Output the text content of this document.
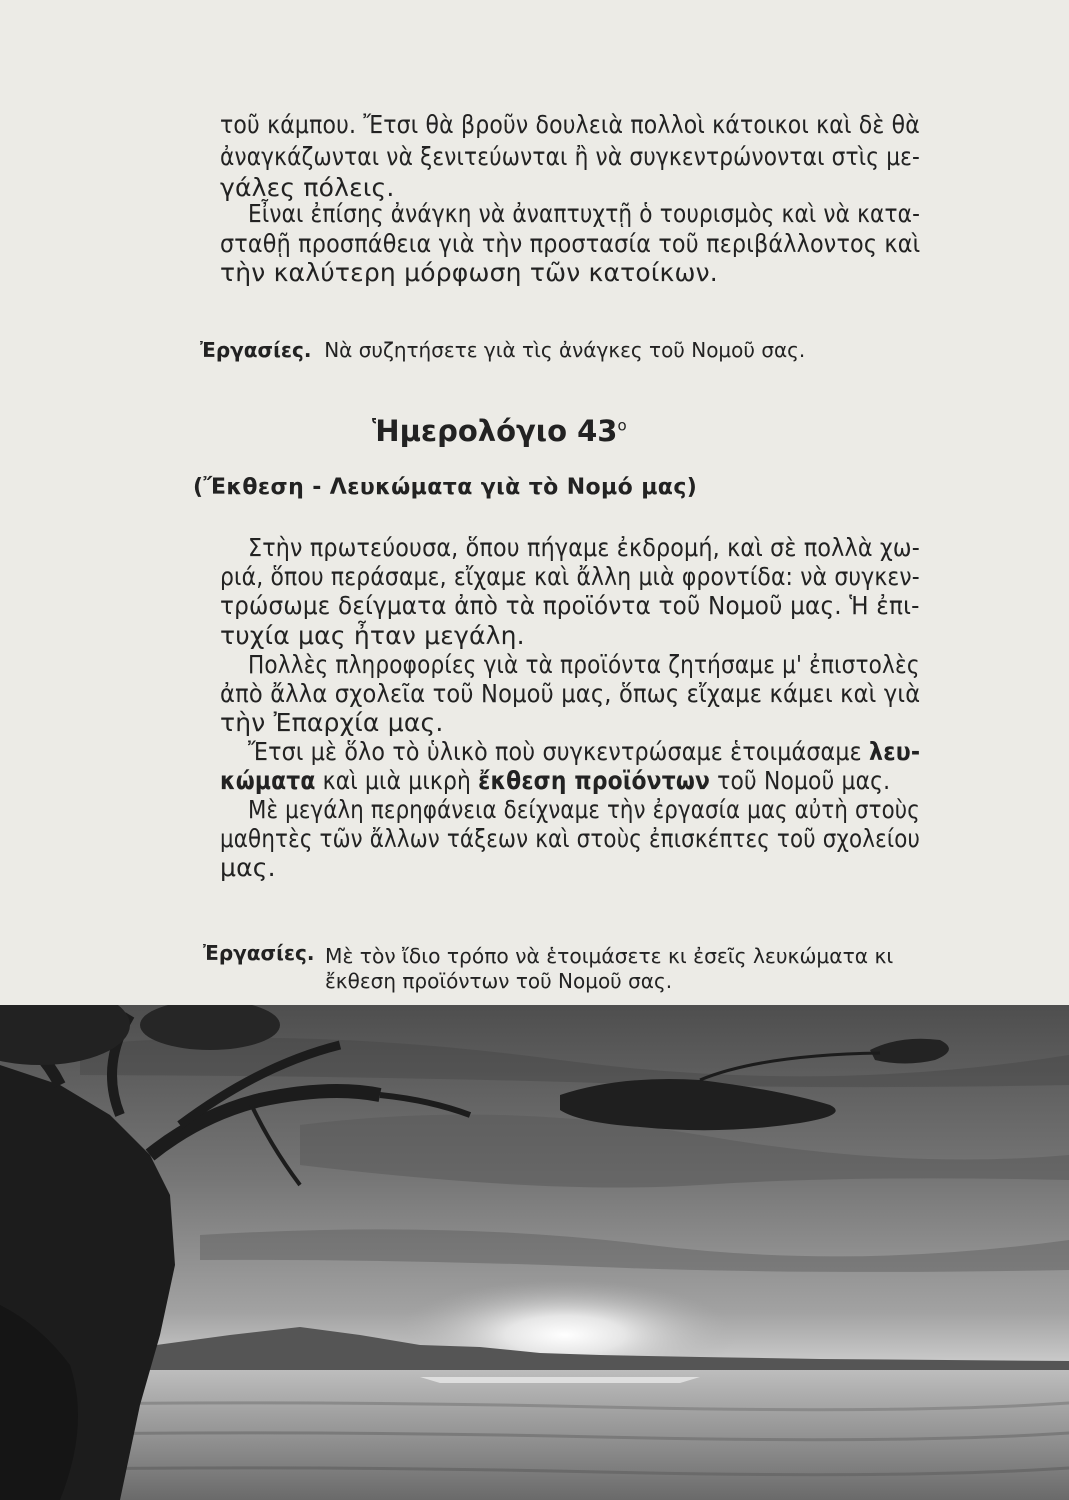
τοῦ κάμπου. Ἔτσι θὰ βροῦν δουλειὰ πολλοὶ κάτοικοι καὶ δὲ θὰ
ἀναγκάζωνται νὰ ξενιτεύωνται ἢ νὰ συγκεντρώνονται στὶς με-
γάλες πόλεις.
Εἶναι ἐπίσης ἀνάγκη νὰ ἀναπτυχτῇ ὁ τουρισμὸς καὶ νὰ κατα-
σταθῇ προσπάθεια γιὰ τὴν προστασία τοῦ περιβάλλοντος καὶ
τὴν καλύτερη μόρφωση τῶν κατοίκων.
Ἐργασίες. Νὰ συζητήσετε γιὰ τὶς ἀνάγκες τοῦ Νομοῦ σας.
Ἡμερολόγιο $43^o$
(Ἔκθεση - Λευκώματα γιὰ τὸ Νομό μας)
Στὴν πρωτεύουσα, ὅπου πήγαμε ἐκδρομή, καὶ σὲ πολλὰ χω-
ριά, ὅπου περάσαμε, εἴχαμε καὶ ἄλλη μιὰ φροντίδα: νὰ συγκεν-
τρώσωμε δείγματα ἀπὸ τὰ προϊόντα τοῦ Νομοῦ μας. Ἡ ἐπι-
τυχία μας ἦταν μεγάλη.
Πολλὲς πληροφορίες γιὰ τὰ προϊόντα ζητήσαμε μ' ἐπιστολὲς
ἀπὸ ἄλλα σχολεῖα τοῦ Νομοῦ μας, ὅπως εἴχαμε κάμει καὶ γιὰ
τὴν Ἐπαρχία μας.
Ἔτσι μὲ ὅλο τὸ ὑλικὸ ποὺ συγκεντρώσαμε ἑτοιμάσαμε λευ-
κώματα καὶ μιὰ μικρὴ ἔκθεση προϊόντων τοῦ Νομοῦ μας.
Μὲ μεγάλη περηφάνεια δείχναμε τὴν ἐργασία μας αὐτὴ στοὺς
μαθητὲς τῶν ἄλλων τάξεων καὶ στοὺς ἐπισκέπτες τοῦ σχολείου
μας.
Ἐργασίες. Μὲ τὸν ἴδιο τρόπο νὰ ἑτοιμάσετε κι ἐσεῖς λευκώματα κι
ἔκθεση προϊόντων τοῦ Νομοῦ σας.
